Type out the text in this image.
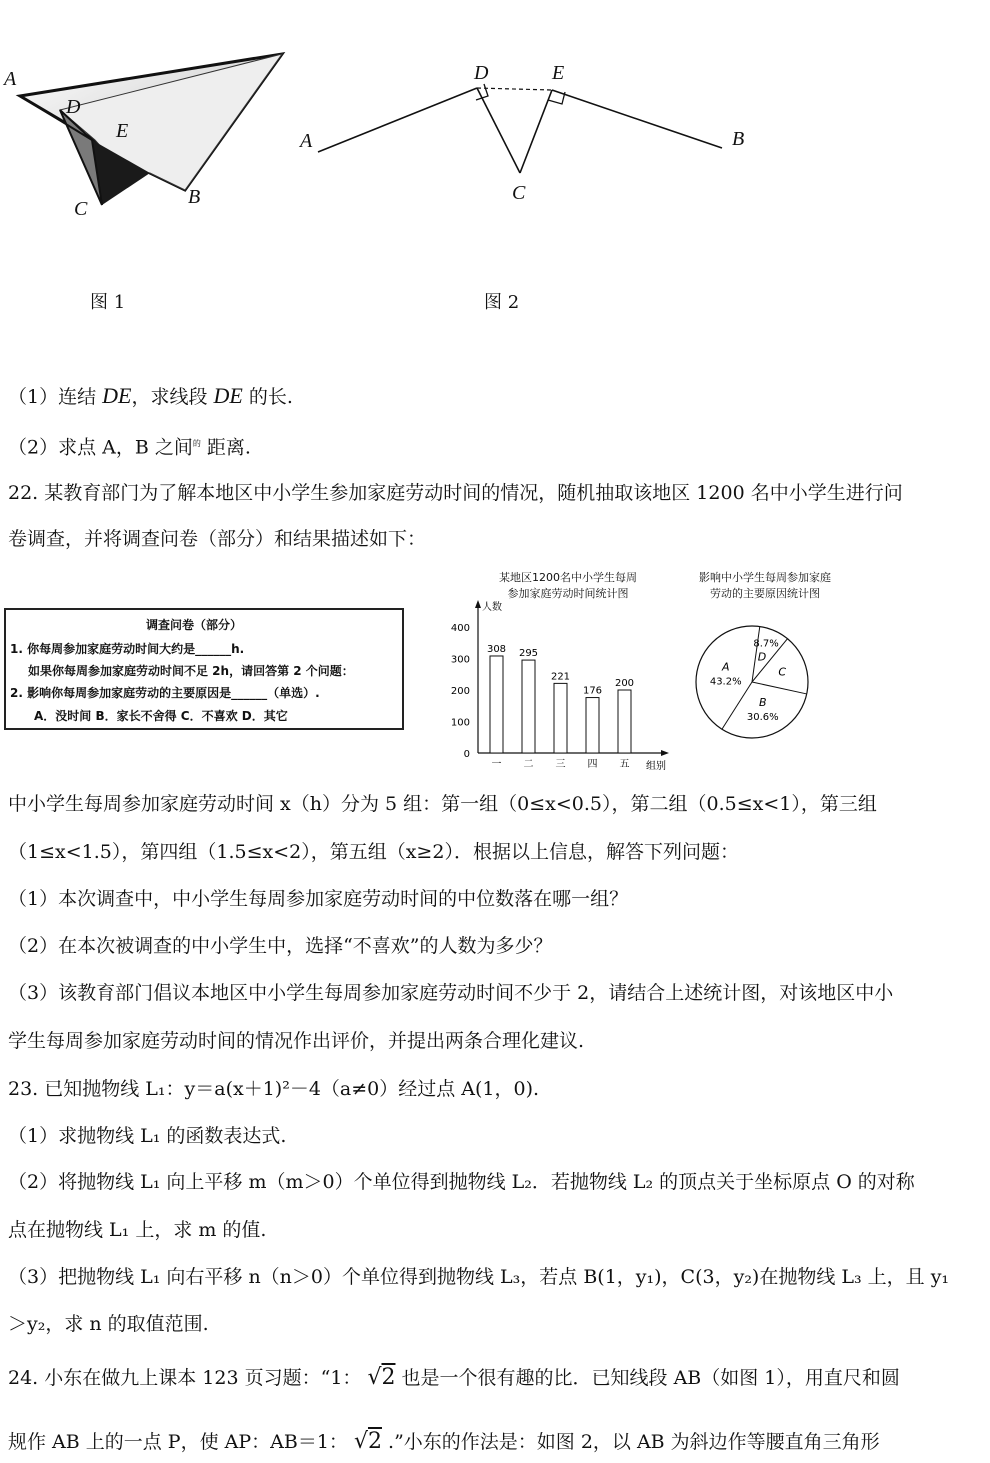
A
D
E
C
B
图 1
A
D	E
C
B
图 2
（1）连结 DE，求线段 DE 的长.
（2）求点 A，B 之间$^的$ 距离.
22. 某教育部门为了解本地区中小学生参加家庭劳动时间的情况，随机抽取该地区 1200 名中小学生进行问
卷调查，并将调查问卷（部分）和结果描述如下：
调查问卷（部分）
1. 你每周参加家庭劳动时间大约是______h.
如果你每周参加家庭劳动时间不足 2h，请回答第 2 个问题：
2. 影响你每周参加家庭劳动的主要原因是______（单选）.
A．没时间 B．家长不舍得 C．不喜欢 D．其它
某地区1200名中小学生每周
参加家庭劳动时间统计图
人数
组别
0
100
200
300
400
308
一
295
二
221
三
176
四
200
五
影响中小学生每周参加家庭
劳动的主要原因统计图
D
8.7%
C
B
30.6%
A
43.2%
中小学生每周参加家庭劳动时间 x（h）分为 5 组：第一组（0≤x<0.5），第二组（0.5≤x<1），第三组
（1≤x<1.5），第四组（1.5≤x<2），第五组（x≥2）．根据以上信息，解答下列问题：
（1）本次调查中，中小学生每周参加家庭劳动时间的中位数落在哪一组？
（2）在本次被调查的中小学生中，选择“不喜欢”的人数为多少？
（3）该教育部门倡议本地区中小学生每周参加家庭劳动时间不少于 2，请结合上述统计图，对该地区中小
学生每周参加家庭劳动时间的情况作出评价，并提出两条合理化建议.
23. 已知抛物线 L₁：y＝a(x＋1)²－4（a≠0）经过点 A(1，0).
（1）求抛物线 L₁ 的函数表达式.
（2）将抛物线 L₁ 向上平移 m（m＞0）个单位得到抛物线 L₂．若抛物线 L₂ 的顶点关于坐标原点 O 的对称
点在抛物线 L₁ 上，求 m 的值.
（3）把抛物线 L₁ 向右平移 n（n＞0）个单位得到抛物线 L₃，若点 B(1，y₁)，C(3，y₂)在抛物线 L₃ 上，且 y₁
＞y₂，求 n 的取值范围.
24. 小东在做九上课本 123 页习题：“1： √2 也是一个很有趣的比．已知线段 AB（如图 1），用直尺和圆
规作 AB 上的一点 P，使 AP：AB＝1： √2 .”小东的作法是：如图 2，以 AB 为斜边作等腰直角三角形
